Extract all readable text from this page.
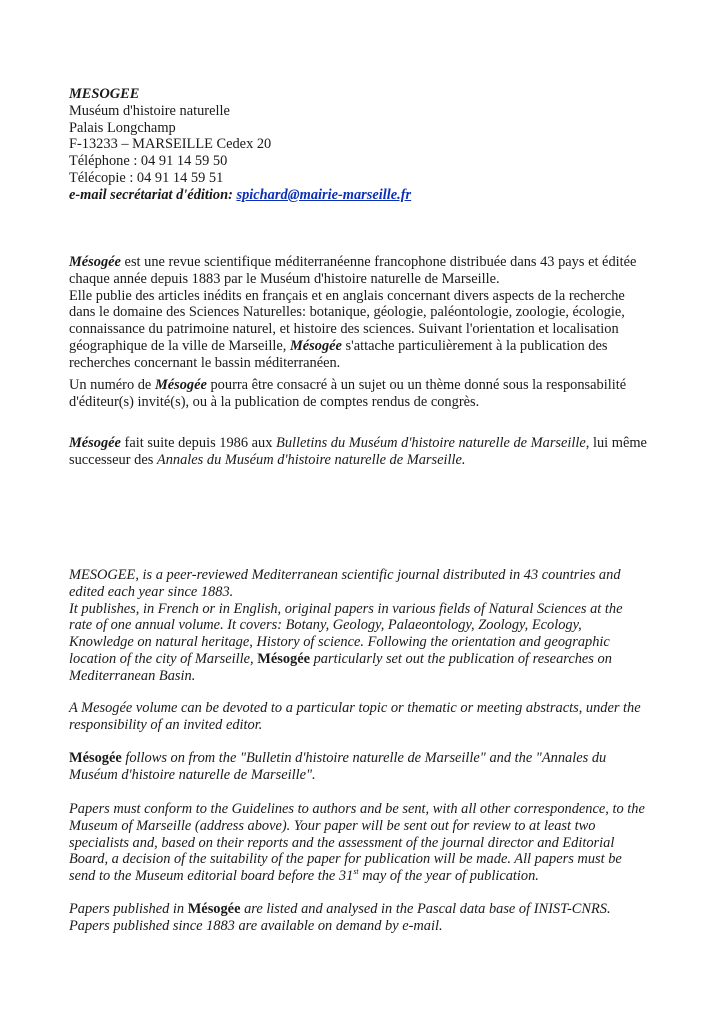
MESOGEE
Muséum d'histoire naturelle
Palais Longchamp
F-13233 – MARSEILLE Cedex 20
Téléphone : 04 91 14 59 50
Télécopie : 04 91 14 59 51
e-mail secrétariat d'édition: spichard@mairie-marseille.fr
Mésogée est une revue scientifique méditerranéenne francophone distribuée dans 43 pays et éditée
chaque année depuis 1883 par le Muséum d'histoire naturelle de Marseille.
Elle publie des articles inédits en français et en anglais concernant divers aspects de la recherche
dans le domaine des Sciences Naturelles: botanique, géologie, paléontologie, zoologie, écologie,
connaissance du patrimoine naturel, et histoire des sciences. Suivant l'orientation et localisation
géographique de la ville de Marseille, Mésogée s'attache particulièrement à la publication des
recherches concernant le bassin méditerranéen.
Un numéro de Mésogée pourra être consacré à un sujet ou un thème donné sous la responsabilité
d'éditeur(s) invité(s), ou à la publication de comptes rendus de congrès.
Mésogée fait suite depuis 1986 aux Bulletins du Muséum d'histoire naturelle de Marseille, lui même
successeur des Annales du Muséum d'histoire naturelle de Marseille.
MESOGEE, is a peer-reviewed Mediterranean scientific journal distributed in 43 countries and
edited each year since 1883.
It publishes, in French or in English, original papers in various fields of Natural Sciences at the
rate of one annual volume. It covers: Botany, Geology, Palaeontology, Zoology, Ecology,
Knowledge on natural heritage, History of science. Following the orientation and geographic
location of the city of Marseille, Mésogée particularly set out the publication of researches on
Mediterranean Basin.
A Mesogée volume can be devoted to a particular topic or thematic or meeting abstracts, under the
responsibility of an invited editor.
Mésogée follows on from the "Bulletin d'histoire naturelle de Marseille" and the "Annales du
Muséum d'histoire naturelle de Marseille".
Papers must conform to the Guidelines to authors and be sent, with all other correspondence, to the
Museum of Marseille (address above). Your paper will be sent out for review to at least two
specialists and, based on their reports and the assessment of the journal director and Editorial
Board, a decision of the suitability of the paper for publication will be made. All papers must be
send to the Museum editorial board before the 31st may of the year of publication.
Papers published in Mésogée are listed and analysed in the Pascal data base of INIST-CNRS.
Papers published since 1883 are available on demand by e-mail.
